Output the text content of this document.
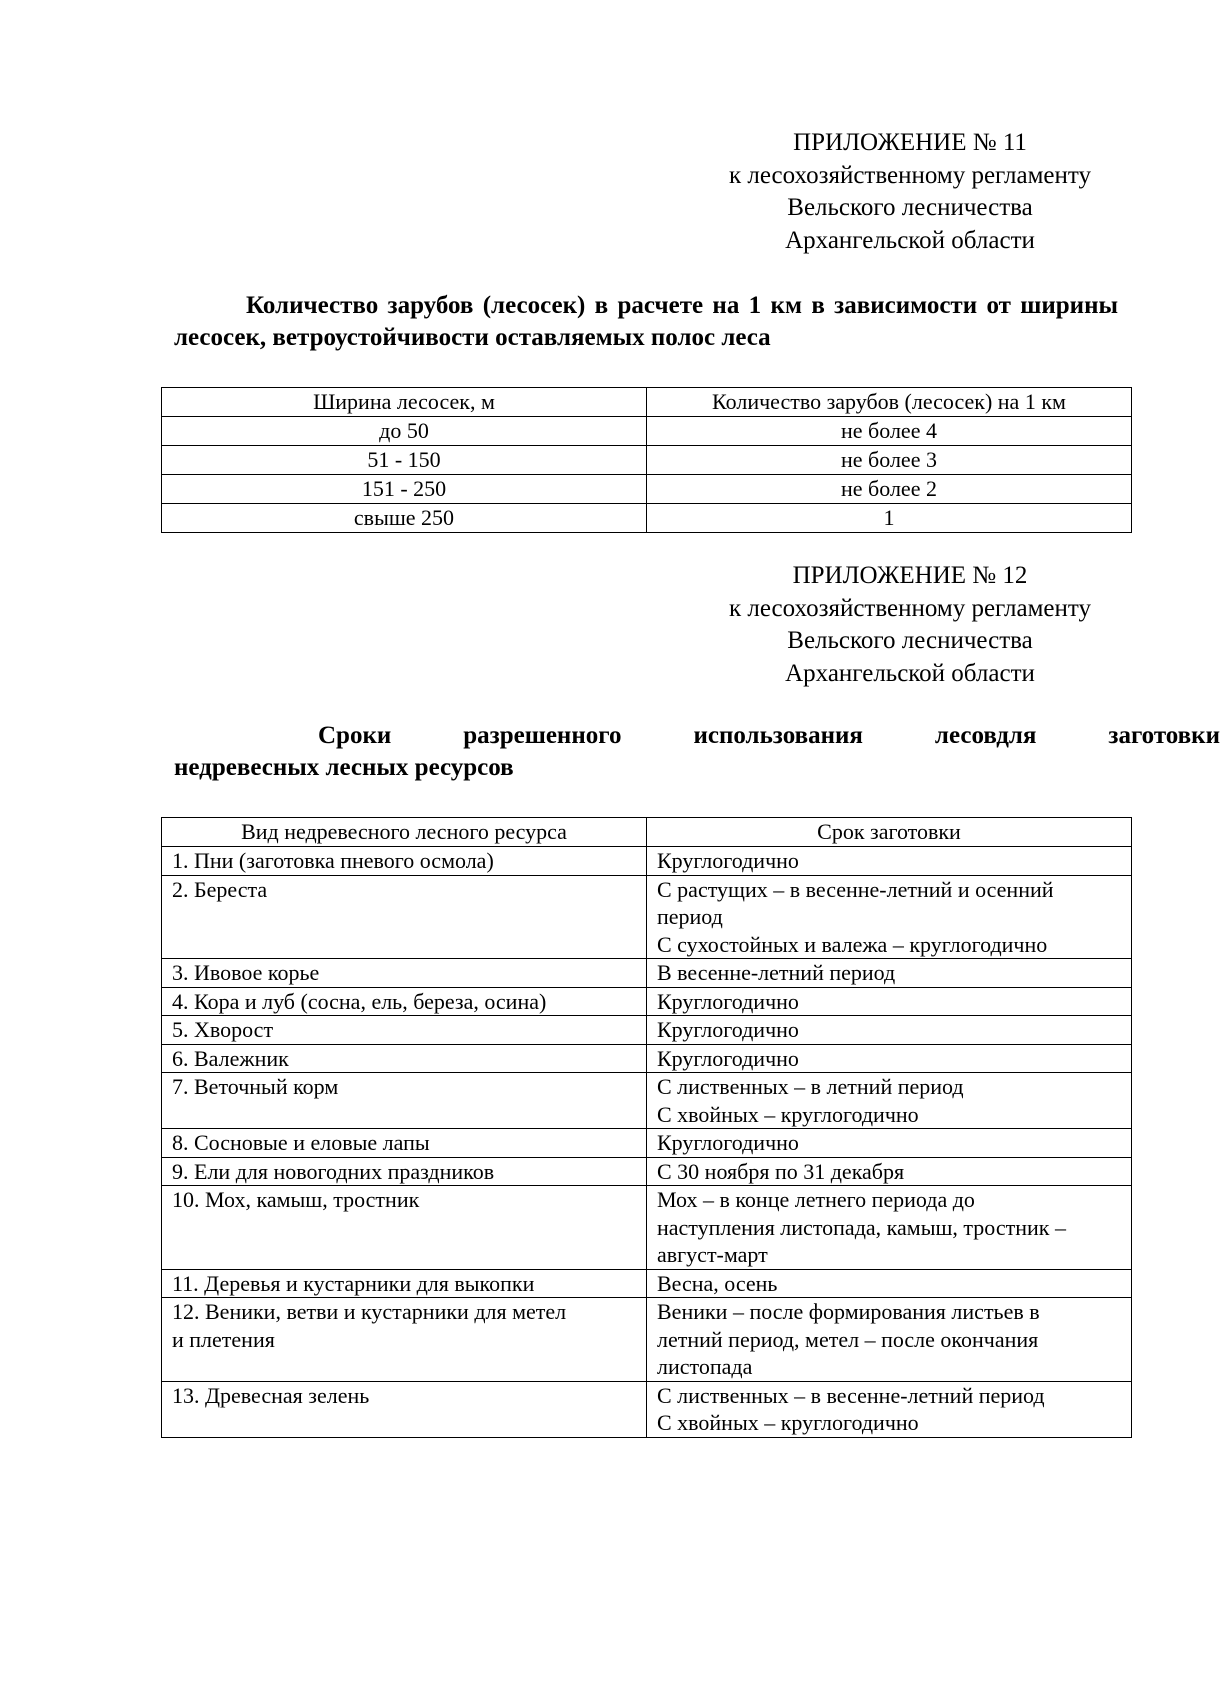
ПРИЛОЖЕНИЕ № 11
к лесохозяйственному регламенту
Вельского лесничества
Архангельской области
Количество зарубов (лесосек) в расчете на 1 км в зависимости от ширины лесосек, ветроустойчивости оставляемых полос леса
Ширина лесосек, м	Количество зарубов (лесосек) на 1 км
до 50	не более 4
51 - 150	не более 3
151 - 250	не более 2
свыше 250	1
ПРИЛОЖЕНИЕ № 12
к лесохозяйственному регламенту
Вельского лесничества
Архангельской области
Сроки	разрешенного	использования	лесовдля	заготовки
недревесных лесных ресурсов
Вид недревесного лесного ресурса	Срок заготовки

1. Пни (заготовка пневого осмола)	Круглогодично

2. Береста	С растущих – в весенне-летний и осенний
период
С сухостойных и валежа – круглогодично

3. Ивовое корье	В весенне-летний период

4. Кора и луб (сосна, ель, береза, осина)	Круглогодично

5. Хворост	Круглогодично

6. Валежник	Круглогодично

7. Веточный корм	С лиственных – в летний период
С хвойных – круглогодично

8. Сосновые и еловые лапы	Круглогодично

9. Ели для новогодних праздников	С 30 ноября по 31 декабря

10. Мох, камыш, тростник	Мох – в конце летнего периода до
наступления листопада, камыш, тростник –
август-март

11. Деревья и кустарники для выкопки	Весна, осень

12. Веники, ветви и кустарники для метел
и плетения	Веники – после формирования листьев в
летний период, метел – после окончания
листопада

13. Древесная зелень	С лиственных – в весенне-летний период
С хвойных – круглогодично
